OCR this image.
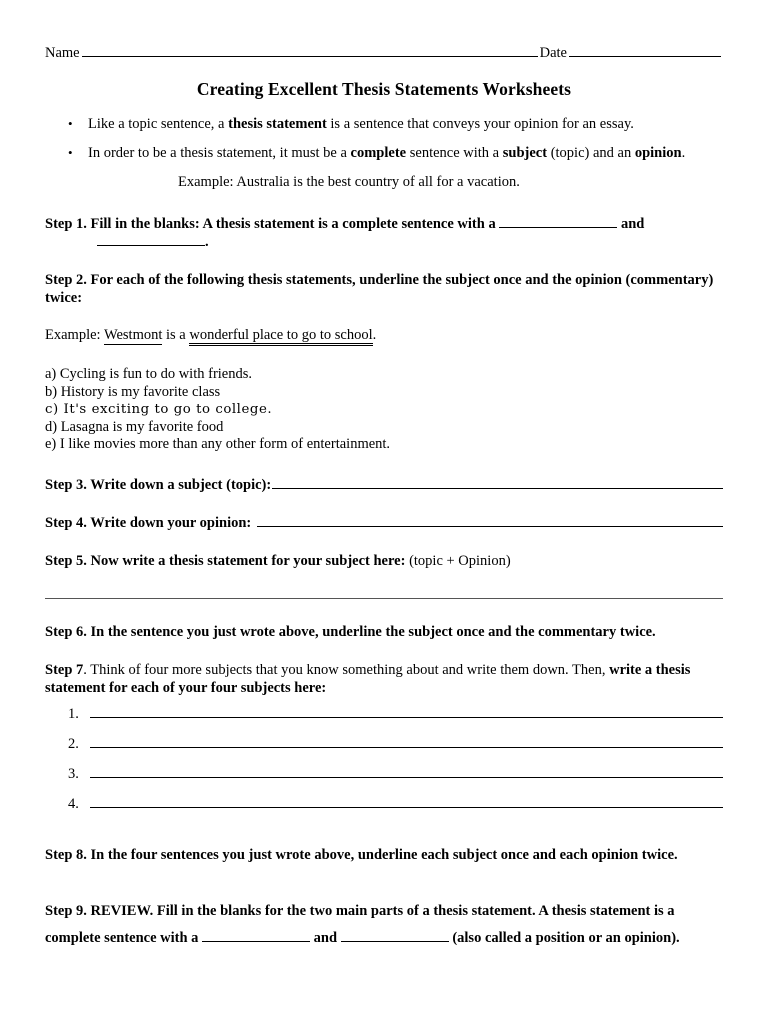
Name	Date
Creating Excellent Thesis Statements Worksheets
• Like a topic sentence, a thesis statement is a sentence that conveys your opinion for an essay.
• In order to be a thesis statement, it must be a complete sentence with a subject (topic) and an opinion.
Example: Australia is the best country of all for a vacation.
Step 1. Fill in the blanks: A thesis statement is a complete sentence with a	and
.
Step 2. For each of the following thesis statements, underline the subject once and the opinion (commentary) twice:
Example: Westmont is a wonderful place to go to school.
a) Cycling is fun to do with friends.
b) History is my favorite class
c) It's exciting to go to college.
d) Lasagna is my favorite food
e) I like movies more than any other form of entertainment.
Step 3. Write down a subject (topic):
Step 4. Write down your opinion:
Step 5. Now write a thesis statement for your subject here: (topic + Opinion)
Step 6. In the sentence you just wrote above, underline the subject once and the commentary twice.
Step 7. Think of four more subjects that you know something about and write them down. Then, write a thesis statement for each of your four subjects here:
1.
2.
3.
4.
Step 8. In the four sentences you just wrote above, underline each subject once and each opinion twice.
Step 9. REVIEW. Fill in the blanks for the two main parts of a thesis statement. A thesis statement is a complete sentence with a	and	(also called a position or an opinion).
